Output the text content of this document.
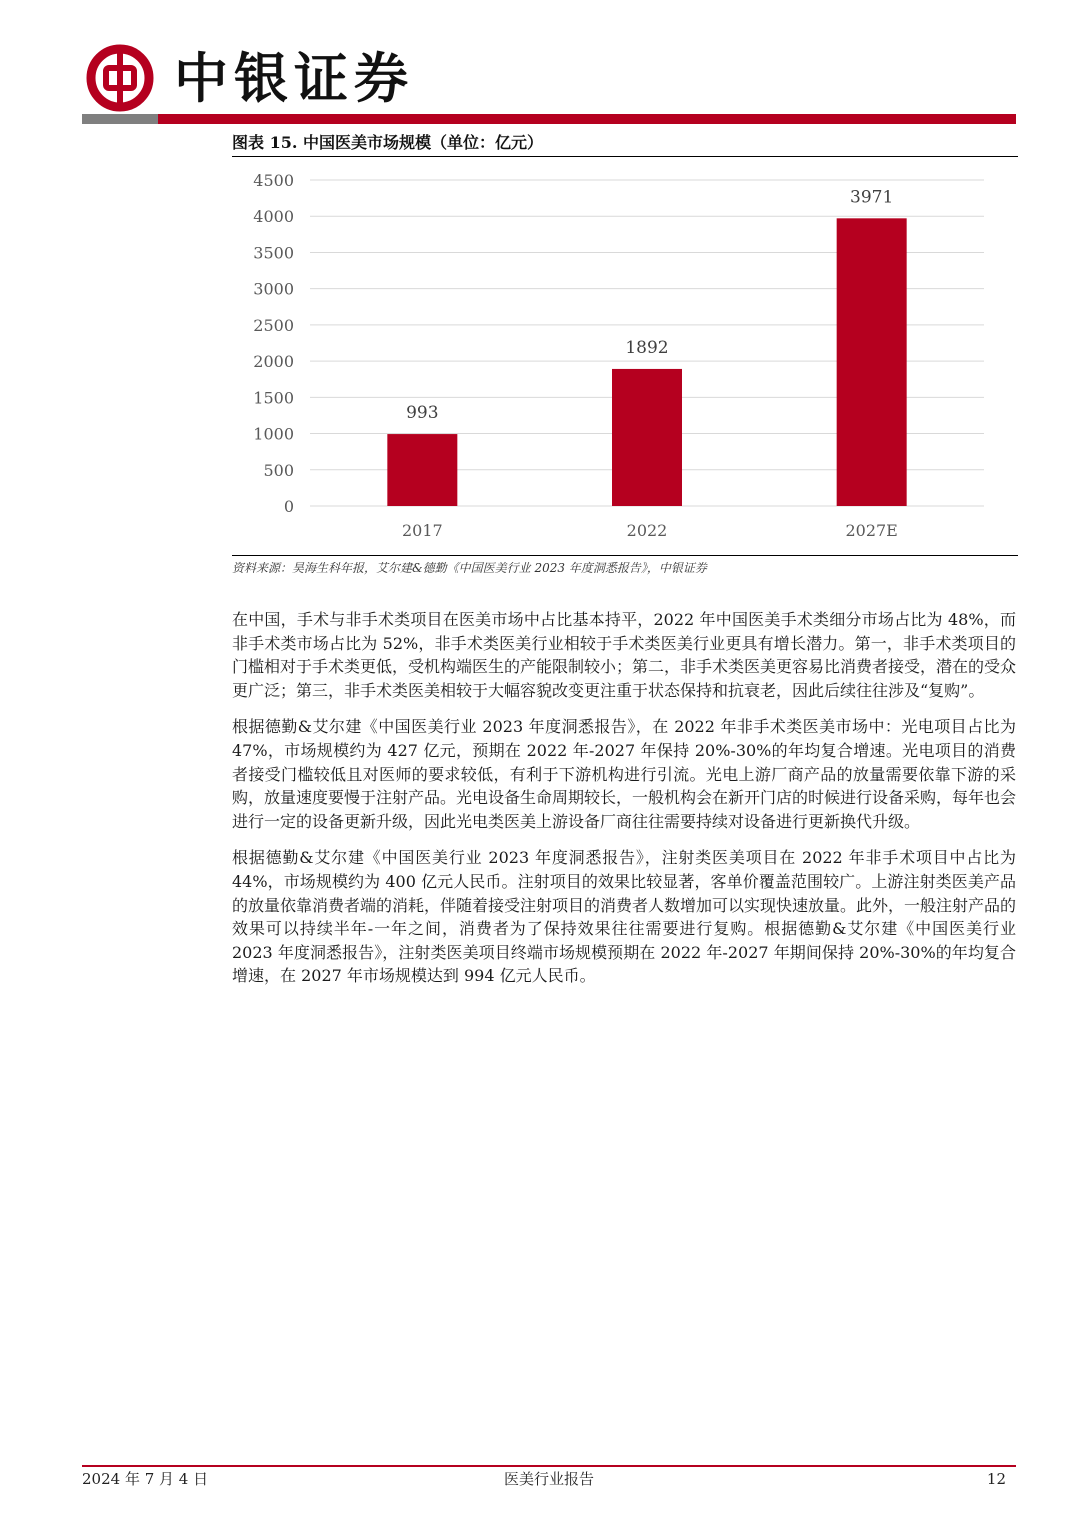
中银证券
图表 15. 中国医美市场规模（单位：亿元）
0
500
1000
1500
2000
2500
3000
3500
4000
4500
993
1892
3971
2017	2022	2027E
资料来源：昊海生科年报，艾尔建&德勤《中国医美行业 2023 年度洞悉报告》，中银证券

在中国，手术与非手术类项目在医美市场中占比基本持平，2022 年中国医美手术类细分市场占比为 48%，而非手术类市场占比为 52%，非手术类医美行业相较于手术类医美行业更具有增长潜力。第一，非手术类项目的门槛相对于手术类更低，受机构端医生的产能限制较小；第二，非手术类医美更容易比消费者接受，潜在的受众更广泛；第三，非手术类医美相较于大幅容貌改变更注重于状态保持和抗衰老，因此后续往往涉及“复购”。

根据德勤&艾尔建《中国医美行业 2023 年度洞悉报告》，在 2022 年非手术类医美市场中：光电项目占比为 47%，市场规模约为 427 亿元，预期在 2022 年-2027 年保持 20%-30%的年均复合增速。光电项目的消费者接受门槛较低且对医师的要求较低，有利于下游机构进行引流。光电上游厂商产品的放量需要依靠下游的采购，放量速度要慢于注射产品。光电设备生命周期较长，一般机构会在新开门店的时候进行设备采购，每年也会进行一定的设备更新升级，因此光电类医美上游设备厂商往往需要持续对设备进行更新换代升级。

根据德勤&艾尔建《中国医美行业 2023 年度洞悉报告》，注射类医美项目在 2022 年非手术项目中占比为 44%，市场规模约为 400 亿元人民币。注射项目的效果比较显著，客单价覆盖范围较广。上游注射类医美产品的放量依靠消费者端的消耗，伴随着接受注射项目的消费者人数增加可以实现快速放量。此外，一般注射产品的效果可以持续半年-一年之间，消费者为了保持效果往往需要进行复购。根据德勤&艾尔建《中国医美行业 2023 年度洞悉报告》，注射类医美项目终端市场规模预期在 2022 年-2027 年期间保持 20%-30%的年均复合增速，在 2027 年市场规模达到 994 亿元人民币。

2024 年 7 月 4 日	医美行业报告	12
